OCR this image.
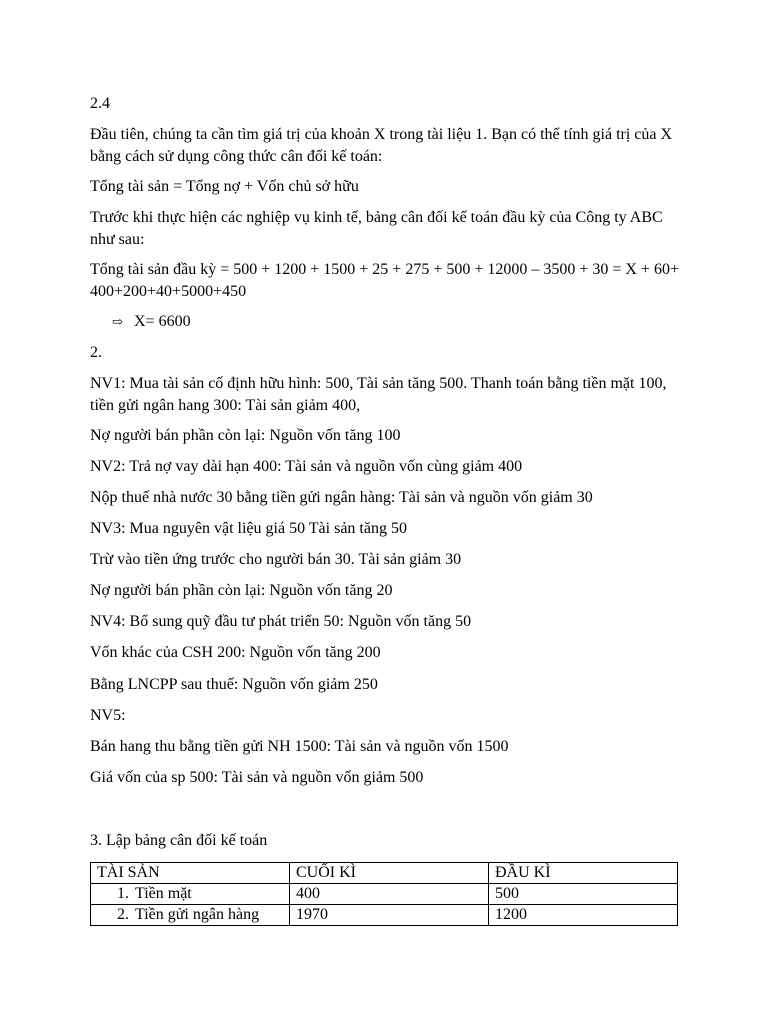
2.4
Đầu tiên, chúng ta cần tìm giá trị của khoản X trong tài liệu 1. Bạn có thể tính giá trị của X bằng cách sử dụng công thức cân đối kế toán:
Tổng tài sản = Tổng nợ + Vốn chủ sở hữu
Trước khi thực hiện các nghiệp vụ kinh tế, bảng cân đối kế toán đầu kỳ của Công ty ABC như sau:
Tổng tài sản đầu kỳ = 500 + 1200 + 1500 + 25 + 275 + 500 + 12000 – 3500 + 30 = X + 60+ 400+200+40+5000+450
⇨ X= 6600
2.
NV1: Mua tài sản cố định hữu hình: 500, Tài sản tăng 500. Thanh toán bằng tiền mặt 100, tiền gửi ngân hang 300: Tài sản giảm 400,
Nợ người bán phần còn lại: Nguồn vốn tăng 100
NV2: Trả nợ vay dài hạn 400: Tài sản và nguồn vốn cùng giảm 400
Nộp thuế nhà nước 30 bằng tiền gửi ngân hàng: Tài sản và nguồn vốn giảm 30
NV3: Mua nguyên vật liệu giá 50 Tài sản tăng 50
Trừ vào tiền ứng trước cho người bán 30. Tài sản giảm 30
Nợ người bán phần còn lại: Nguồn vốn tăng 20
NV4: Bổ sung quỹ đầu tư phát triển 50: Nguồn vốn tăng 50
Vốn khác của CSH 200: Nguồn vốn tăng 200
Bằng LNCPP sau thuế: Nguồn vốn giảm 250
NV5:
Bán hang thu bằng tiền gửi NH 1500: Tài sản và nguồn vốn 1500
Giá vốn của sp 500: Tài sản và nguồn vốn giảm 500
3. Lập bảng cân đối kế toán
TÀI SẢN	CUỐI KÌ	ĐẦU KÌ
1. Tiền mặt	400	500
2. Tiền gửi ngân hàng	1970	1200
